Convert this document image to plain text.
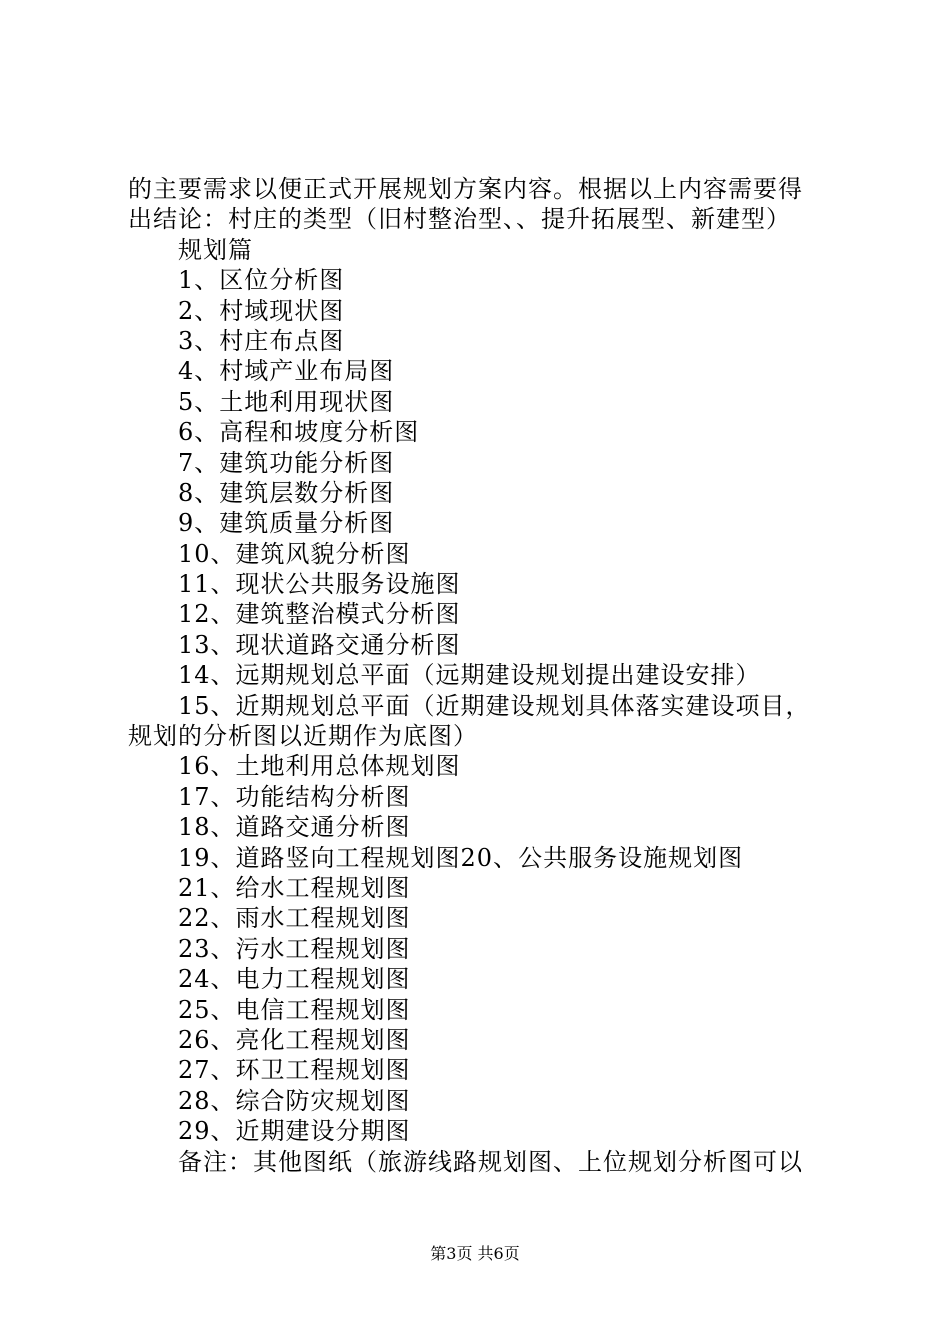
的主要需求以便正式开展规划方案内容。根据以上内容需要得
出结论：村庄的类型（旧村整治型、、提升拓展型、新建型）
规划篇
1、区位分析图
2、村域现状图
3、村庄布点图
4、村域产业布局图
5、土地利用现状图
6、高程和坡度分析图
7、建筑功能分析图
8、建筑层数分析图
9、建筑质量分析图
10、建筑风貌分析图
11、现状公共服务设施图
12、建筑整治模式分析图
13、现状道路交通分析图
14、远期规划总平面（远期建设规划提出建设安排）
15、近期规划总平面（近期建设规划具体落实建设项目，
规划的分析图以近期作为底图）
16、土地利用总体规划图
17、功能结构分析图
18、道路交通分析图
19、道路竖向工程规划图20、公共服务设施规划图
21、给水工程规划图
22、雨水工程规划图
23、污水工程规划图
24、电力工程规划图
25、电信工程规划图
26、亮化工程规划图
27、环卫工程规划图
28、综合防灾规划图
29、近期建设分期图
备注：其他图纸（旅游线路规划图、上位规划分析图可以
第3页 共6页
